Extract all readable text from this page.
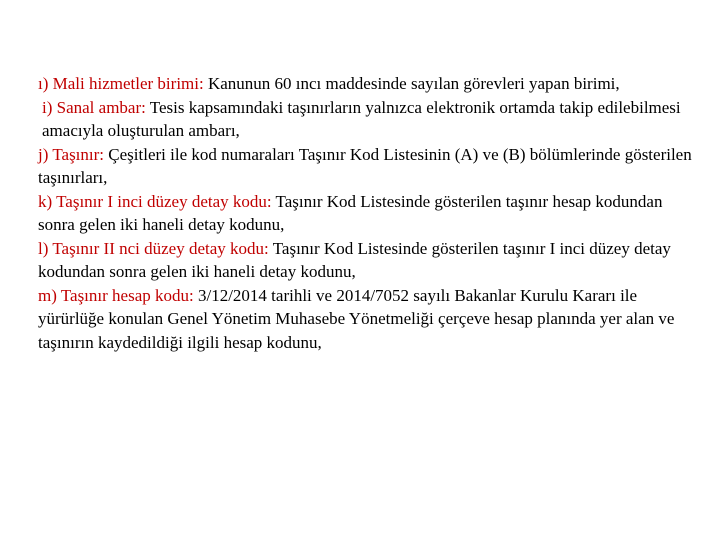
ı) Mali hizmetler birimi: Kanunun 60 ıncı maddesinde sayılan görevleri yapan birimi,

i) Sanal ambar: Tesis kapsamındaki taşınırların yalnızca elektronik ortamda takip edilebilmesi amacıyla oluşturulan ambarı,

j) Taşınır: Çeşitleri ile kod numaraları Taşınır Kod Listesinin (A) ve (B) bölümlerinde gösterilen taşınırları,

k) Taşınır I inci düzey detay kodu: Taşınır Kod Listesinde gösterilen taşınır hesap kodundan sonra gelen iki haneli detay kodunu,

l) Taşınır II nci düzey detay kodu: Taşınır Kod Listesinde gösterilen taşınır I inci düzey detay kodundan sonra gelen iki haneli detay kodunu,

m) Taşınır hesap kodu: 3/12/2014 tarihli ve 2014/7052 sayılı Bakanlar Kurulu Kararı ile yürürlüğe konulan Genel Yönetim Muhasebe Yönetmeliği çerçeve hesap planında yer alan ve taşınırın kaydedildiği ilgili hesap kodunu,
